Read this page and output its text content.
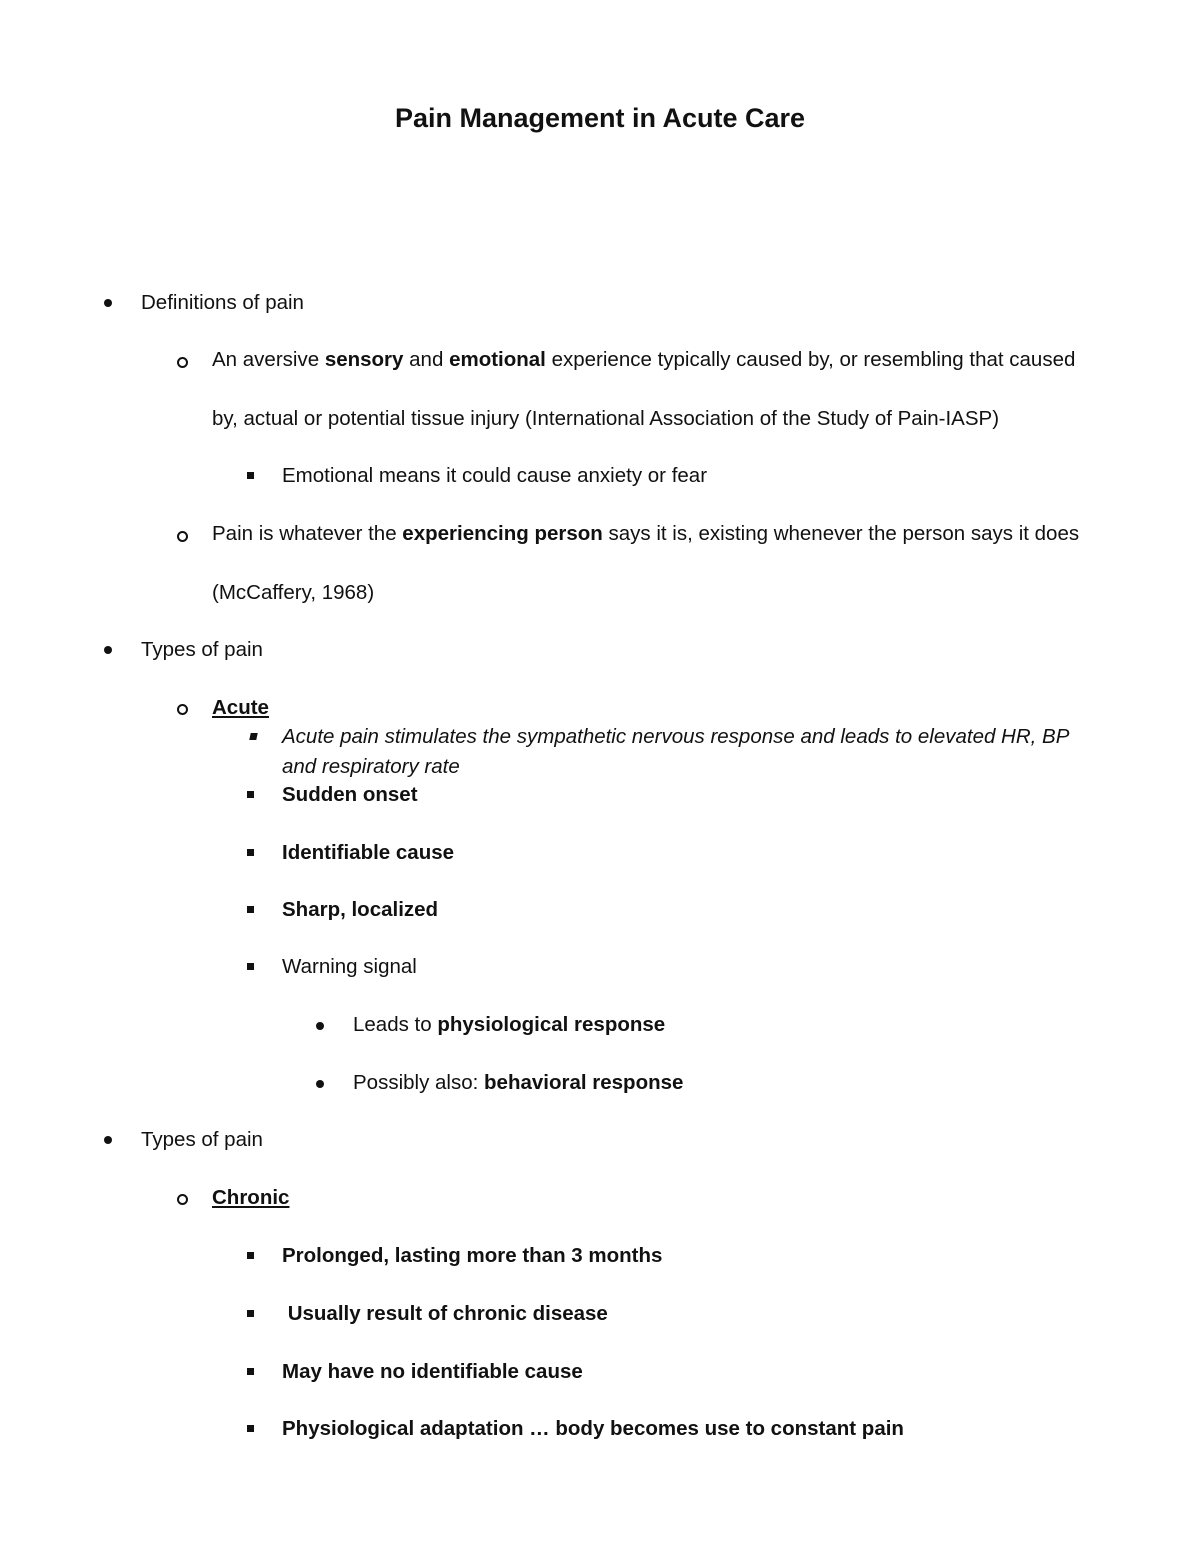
Pain Management in Acute Care
Definitions of pain
An aversive sensory and emotional experience typically caused by, or resembling that caused
by, actual or potential tissue injury (International Association of the Study of Pain-IASP)
Emotional means it could cause anxiety or fear
Pain is whatever the experiencing person says it is, existing whenever the person says it does
(McCaffery, 1968)
Types of pain
Acute
Acute pain stimulates the sympathetic nervous response and leads to elevated HR, BP
and respiratory rate
Sudden onset
Identifiable cause
Sharp, localized
Warning signal
Leads to physiological response
Possibly also: behavioral response
Types of pain
Chronic
Prolonged, lasting more than 3 months
Usually result of chronic disease
May have no identifiable cause
Physiological adaptation … body becomes use to constant pain
